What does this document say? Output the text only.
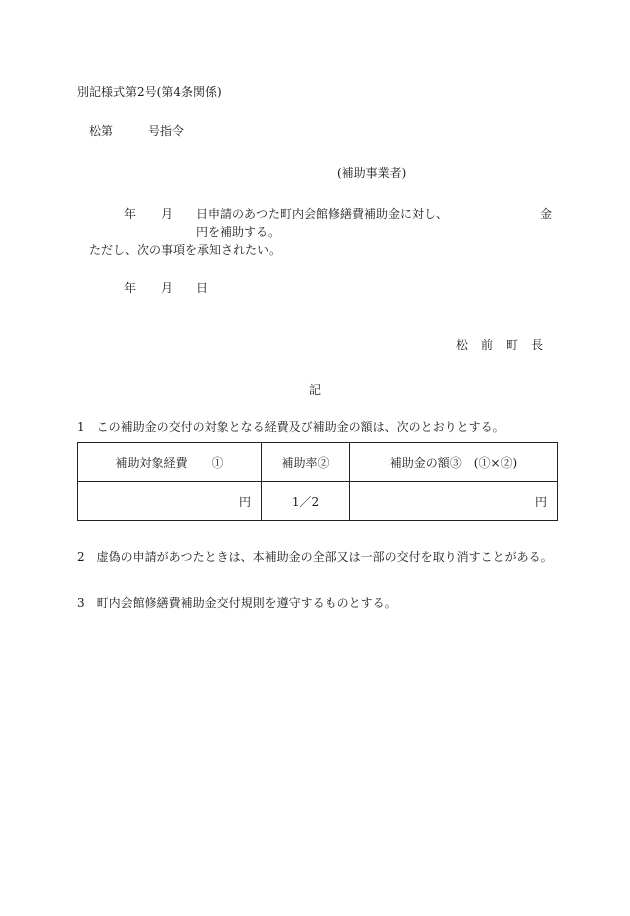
別記様式第2号(第4条関係)
松第	号指令
(補助事業者)
年 月 日申請のあつた町内会館修繕費補助金に対し、	金
円を補助する。
ただし、次の事項を承知されたい。
年 月 日
松 前 町 長
記
1　この補助金の交付の対象となる経費及び補助金の額は、次のとおりとする。
補助対象経費　　①	補助率②	補助金の額③　(①×②)
円	1／2	円
2　虚偽の申請があつたときは、本補助金の全部又は一部の交付を取り消すことがある。
3　町内会館修繕費補助金交付規則を遵守するものとする。
